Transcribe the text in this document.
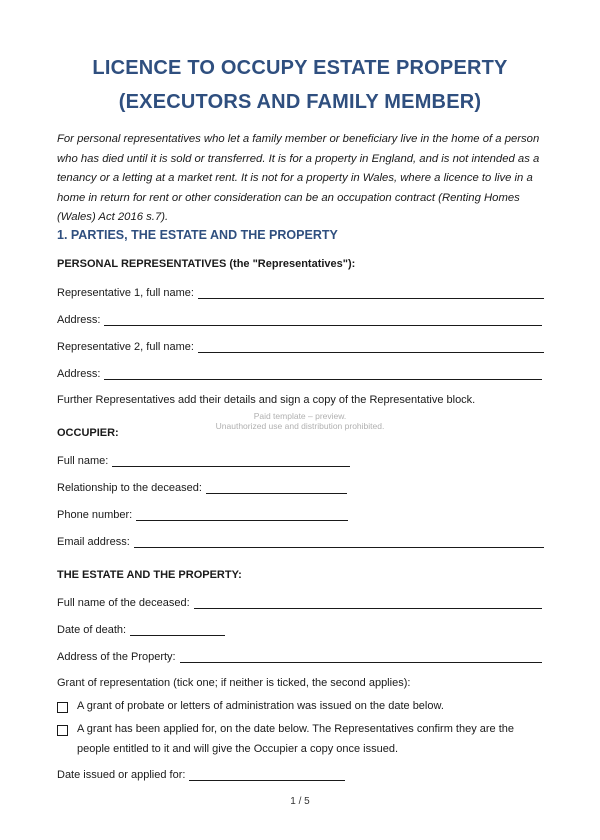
LICENCE TO OCCUPY ESTATE PROPERTY
(EXECUTORS AND FAMILY MEMBER)

For personal representatives who let a family member or beneficiary live in the home of a person who has died until it is sold or transferred. It is for a property in England, and is not intended as a tenancy or a letting at a market rent. It is not for a property in Wales, where a licence to live in a home in return for rent or other consideration can be an occupation contract (Renting Homes (Wales) Act 2016 s.7).

1. PARTIES, THE ESTATE AND THE PROPERTY
PERSONAL REPRESENTATIVES (the "Representatives"):
Representative 1, full name:
Address:
Representative 2, full name:
Address:
Further Representatives add their details and sign a copy of the Representative block.
Paid template – preview.
Unauthorized use and distribution prohibited.
OCCUPIER:
Full name:
Relationship to the deceased:
Phone number:
Email address:
THE ESTATE AND THE PROPERTY:
Full name of the deceased:
Date of death:
Address of the Property:
Grant of representation (tick one; if neither is ticked, the second applies):
A grant of probate or letters of administration was issued on the date below.
A grant has been applied for, on the date below. The Representatives confirm they are the
people entitled to it and will give the Occupier a copy once issued.
Date issued or applied for:
1 / 5
